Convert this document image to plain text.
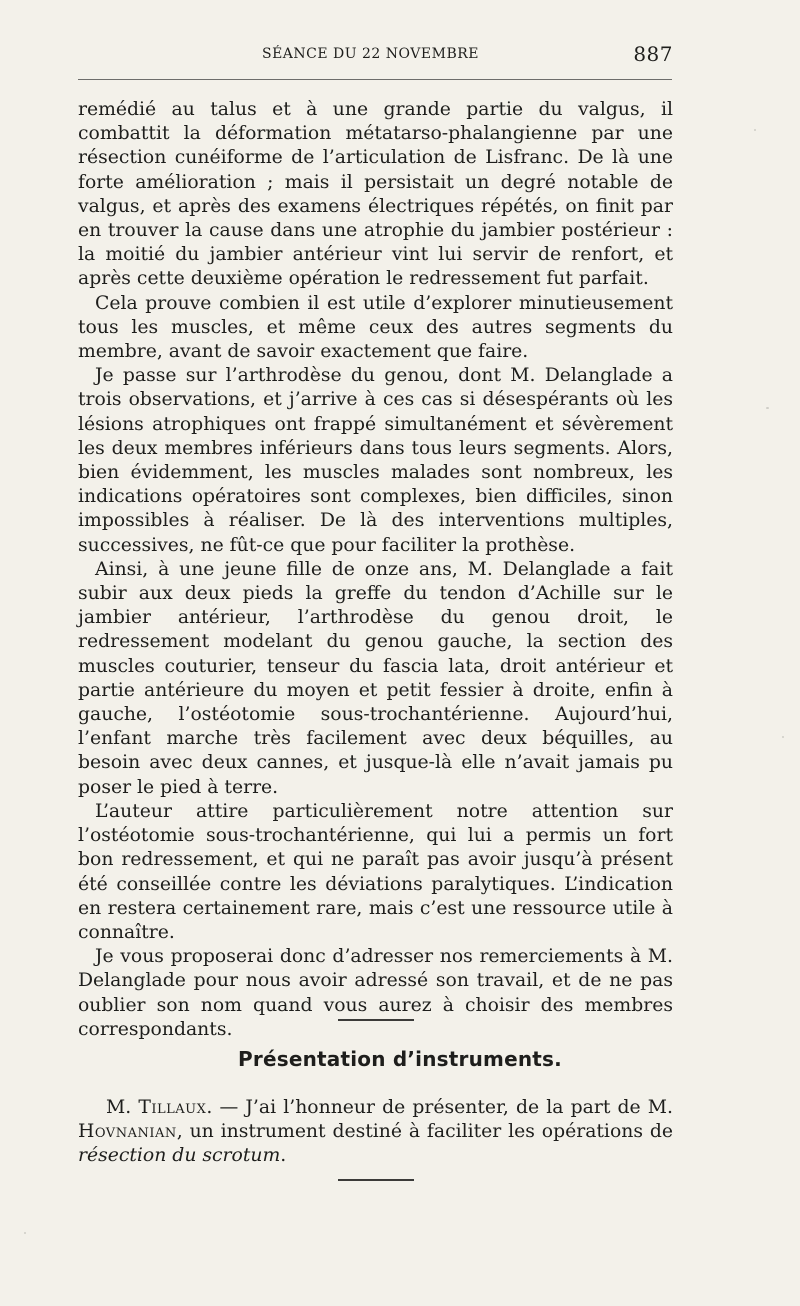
SÉANCE DU 22 NOVEMBRE	887

remédié au talus et à une grande partie du valgus, il combattit la déformation métatarso-phalangienne par une résection cunéiforme de l’articulation de Lisfranc. De là une forte amélioration ; mais il persistait un degré notable de valgus, et après des examens électriques répétés, on finit par en trouver la cause dans une atrophie du jambier postérieur : la moitié du jambier antérieur vint lui servir de renfort, et après cette deuxième opération le redressement fut parfait.

Cela prouve combien il est utile d’explorer minutieusement tous les muscles, et même ceux des autres segments du membre, avant de savoir exactement que faire.

Je passe sur l’arthrodèse du genou, dont M. Delanglade a trois observations, et j’arrive à ces cas si désespérants où les lésions atrophiques ont frappé simultanément et sévèrement les deux membres inférieurs dans tous leurs segments. Alors, bien évidemment, les muscles malades sont nombreux, les indications opératoires sont complexes, bien difficiles, sinon impossibles à réaliser. De là des interventions multiples, successives, ne fût-ce que pour faciliter la prothèse.

Ainsi, à une jeune fille de onze ans, M. Delanglade a fait subir aux deux pieds la greffe du tendon d’Achille sur le jambier antérieur, l’arthrodèse du genou droit, le redressement modelant du genou gauche, la section des muscles couturier, tenseur du fascia lata, droit antérieur et partie antérieure du moyen et petit fessier à droite, enfin à gauche, l’ostéotomie sous-trochantérienne. Aujourd’hui, l’enfant marche très facilement avec deux béquilles, au besoin avec deux cannes, et jusque-là elle n’avait jamais pu poser le pied à terre.

L’auteur attire particulièrement notre attention sur l’ostéotomie sous-trochantérienne, qui lui a permis un fort bon redressement, et qui ne paraît pas avoir jusqu’à présent été conseillée contre les déviations paralytiques. L’indication en restera certainement rare, mais c’est une ressource utile à connaître.

Je vous proposerai donc d’adresser nos remerciements à M. Delanglade pour nous avoir adressé son travail, et de ne pas oublier son nom quand vous aurez à choisir des membres correspondants.

Présentation d’instruments.

M. Tillaux. — J’ai l’honneur de présenter, de la part de M. Hovnanian, un instrument destiné à faciliter les opérations de résection du scrotum.
